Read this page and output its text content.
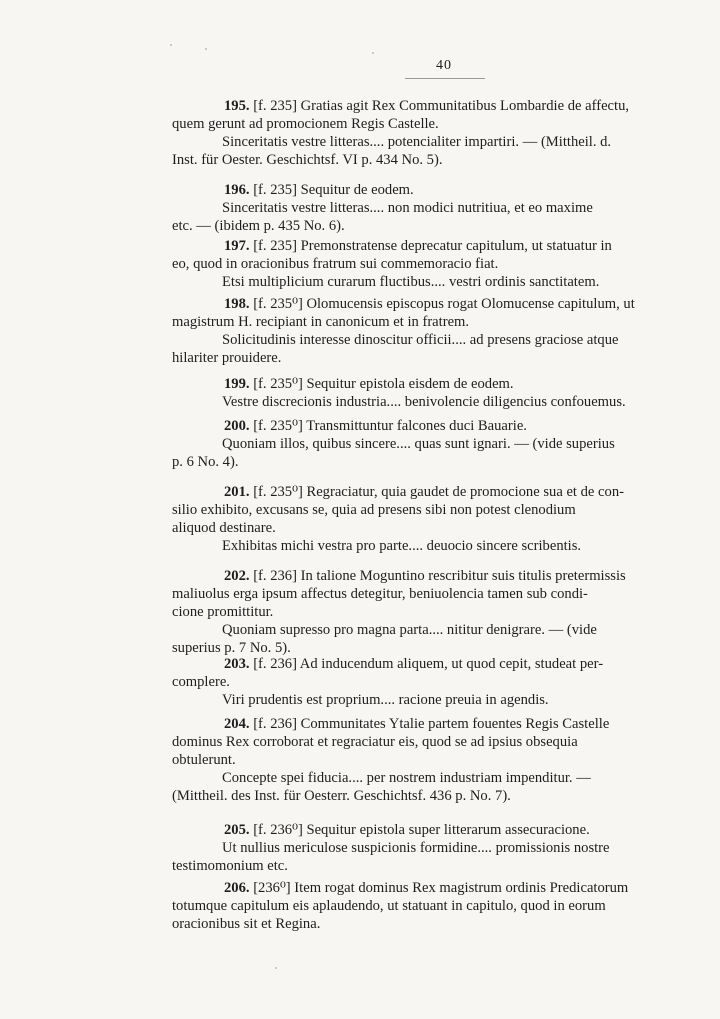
40
195. [f. 235] Gratias agit Rex Communitatibus Lombardie de affectu,
quem gerunt ad promocionem Regis Castelle.
Sinceritatis vestre litteras.... potencialiter impartiri. — (Mittheil. d.
Inst. für Oester. Geschichtsf. VI p. 434 No. 5).
196. [f. 235] Sequitur de eodem.
Sinceritatis vestre litteras.... non modici nutritiua, et eo maxime
etc. — (ibidem p. 435 No. 6).
197. [f. 235] Premonstratense deprecatur capitulum, ut statuatur in
eo, quod in oracionibus fratrum sui commemoracio fiat.
Etsi multiplicium curarum fluctibus.... vestri ordinis sanctitatem.
198. [f. 235⁰] Olomucensis episcopus rogat Olomucense capitulum, ut
magistrum H. recipiant in canonicum et in fratrem.
Solicitudinis interesse dinoscitur officii.... ad presens graciose atque
hilariter prouidere.
199. [f. 235⁰] Sequitur epistola eisdem de eodem.
Vestre discrecionis industria.... benivolencie diligencius confouemus.
200. [f. 235⁰] Transmittuntur falcones duci Bauarie.
Quoniam illos, quibus sincere.... quas sunt ignari. — (vide superius
p. 6 No. 4).
201. [f. 235⁰] Regraciatur, quia gaudet de promocione sua et de con-
silio exhibito, excusans se, quia ad presens sibi non potest clenodium
aliquod destinare.
Exhibitas michi vestra pro parte.... deuocio sincere scribentis.
202. [f. 236] In talione Moguntino rescribitur suis titulis pretermissis
maliuolus erga ipsum affectus detegitur, beniuolencia tamen sub condi-
cione promittitur.
Quoniam supresso pro magna parta.... nititur denigrare. — (vide
superius p. 7 No. 5).
203. [f. 236] Ad inducendum aliquem, ut quod cepit, studeat per-
complere.
Viri prudentis est proprium.... racione preuia in agendis.
204. [f. 236] Communitates Ytalie partem fouentes Regis Castelle
dominus Rex corroborat et regraciatur eis, quod se ad ipsius obsequia
obtulerunt.
Concepte spei fiducia.... per nostrem industriam impenditur. —
(Mittheil. des Inst. für Oesterr. Geschichtsf. 436 p. No. 7).
205. [f. 236⁰] Sequitur epistola super litterarum assecuracione.
Ut nullius mericulose suspicionis formidine.... promissionis nostre
testimomonium etc.
206. [236⁰] Item rogat dominus Rex magistrum ordinis Predicatorum
totumque capitulum eis aplaudendo, ut statuant in capitulo, quod in eorum
oracionibus sit et Regina.
